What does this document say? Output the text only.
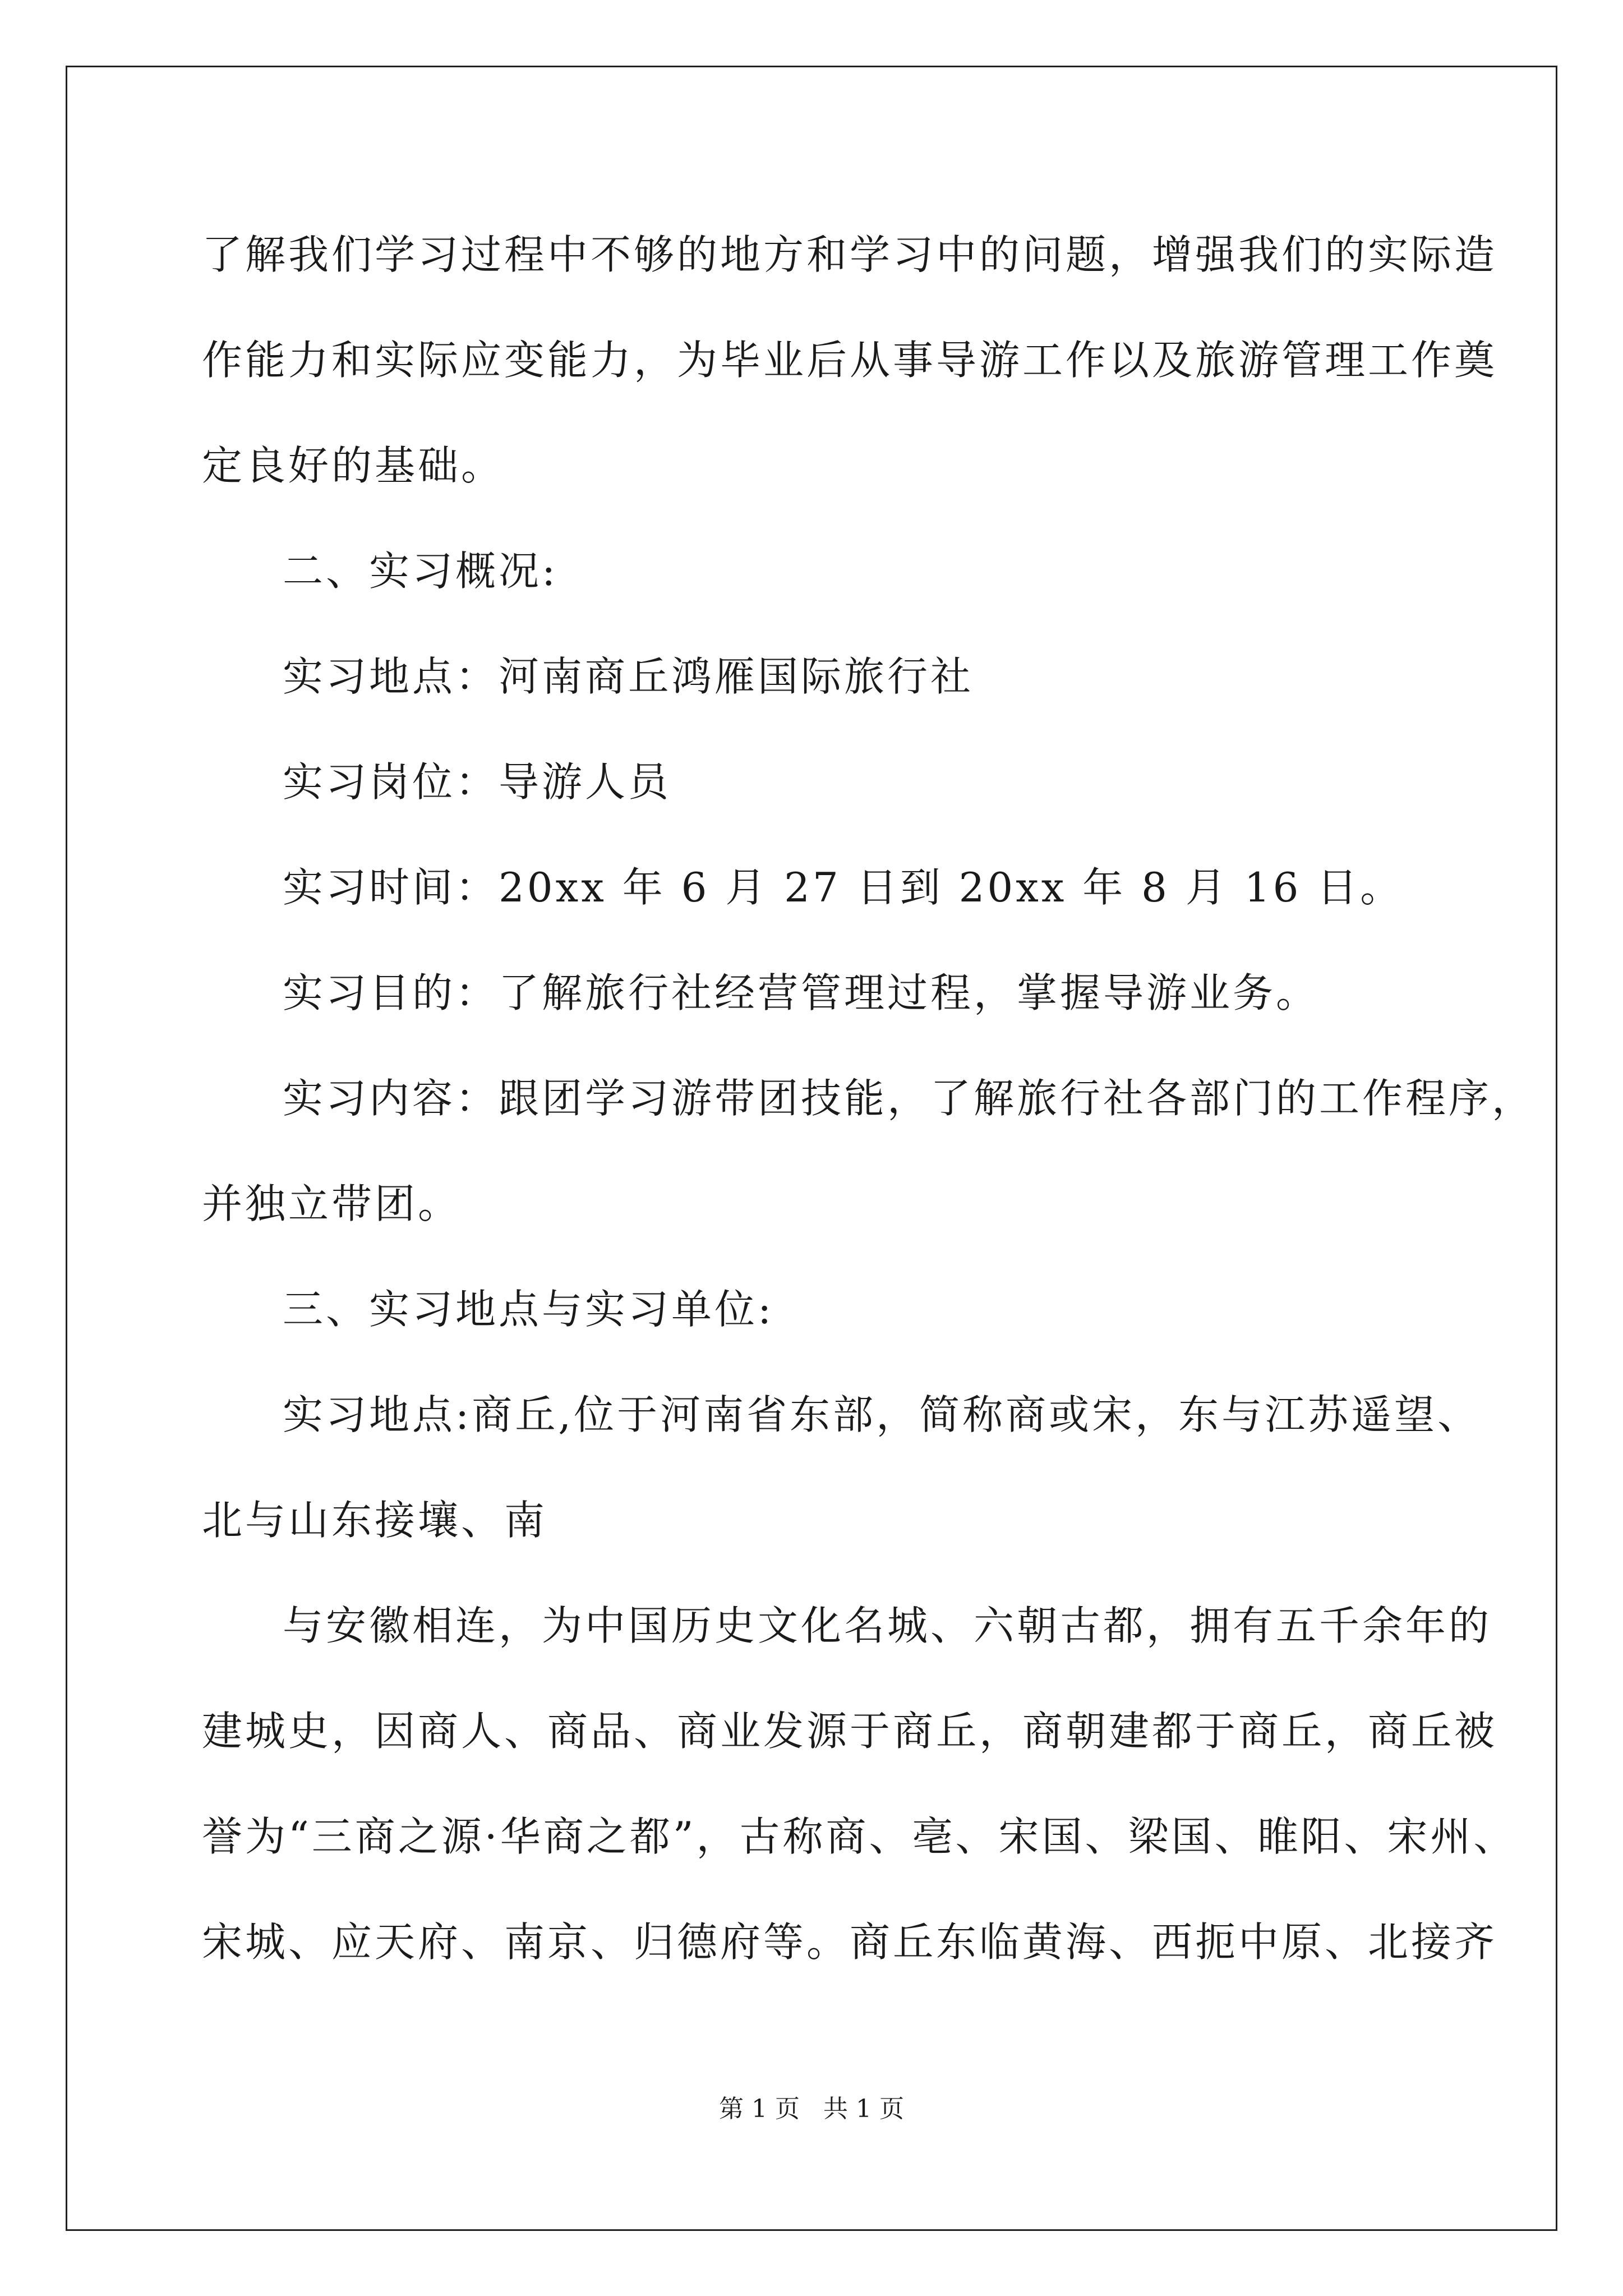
了解我们学习过程中不够的地方和学习中的问题，增强我们的实际造
作能力和实际应变能力，为毕业后从事导游工作以及旅游管理工作奠
定良好的基础。
二、实习概况:
实习地点：河南商丘鸿雁国际旅行社
实习岗位：导游人员
实习时间：20xx 年 6 月 27 日到 20xx 年 8 月 16 日。
实习目的：了解旅行社经营管理过程，掌握导游业务。
实习内容：跟团学习游带团技能，了解旅行社各部门的工作程序，
并独立带团。
三、实习地点与实习单位:
实习地点:商丘,位于河南省东部，简称商或宋，东与江苏遥望、
北与山东接壤、南
与安徽相连，为中国历史文化名城、六朝古都，拥有五千余年的
建城史，因商人、商品、商业发源于商丘，商朝建都于商丘，商丘被
誉为“三商之源·华商之都”，古称商、亳、宋国、梁国、睢阳、宋州、
宋城、应天府、南京、归德府等。商丘东临黄海、西扼中原、北接齐
第 1 页   共 1 页
